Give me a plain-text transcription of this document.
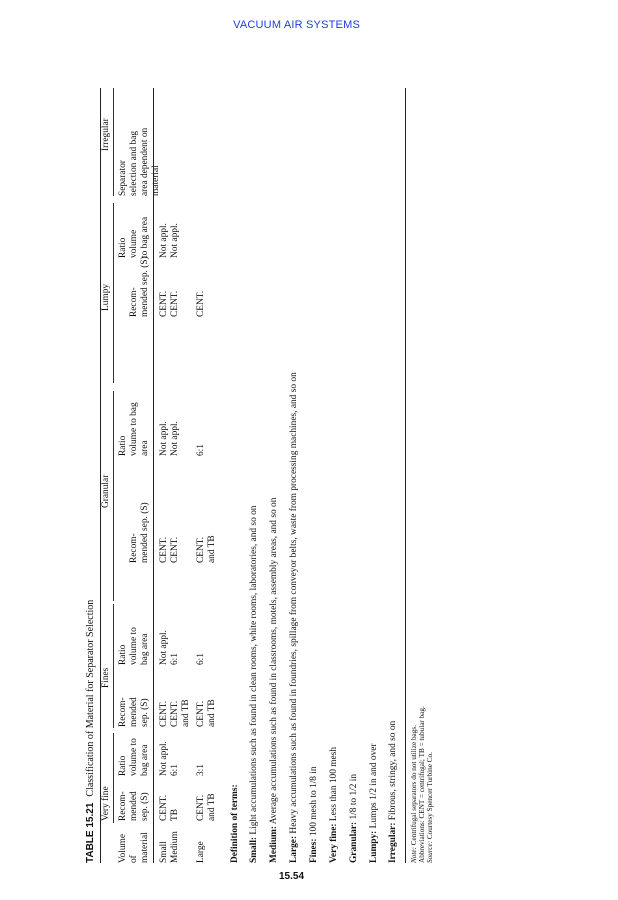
VACUUM AIR SYSTEMS
TABLE 15.21Classification of Material for Separator Selection
Very fine
Fines
Granular
Lumpy
Irregular
Volume of material
Recom- mended sep. (S)
Ratio volume to bag area
Recom- mended sep. (S)
Ratio volume to bag area
Recom- mended sep. (S)
Ratio volume to bag area
Recom- mended sep. (S)
Ratio volume to bag area
Separator selection and bag area dependent on material
Small
CENT.
Not appl.
CENT.
Not appl.
CENT.
Not appl.
CENT.
Not appl.
Medium
TB
6:1
CENT. and TB
6:1
CENT.
Not appl.
CENT.
Not appl.
Large
CENT. and TB
3:1
CENT. and TB
6:1
CENT. and TB
6:1
CENT.
Definition of terms: Small: Light accumulations such as found in clean rooms, white rooms, laboratories, and so on
Medium: Average accumulations such as found in classrooms, motels, assembly areas, and so on
Large: Heavy accumulations such as found in foundries, spillage from conveyor belts, waste from processing machines, and so on
Fines: 100 mesh to 1/8 in
Very fine: Less than 100 mesh
Granular: 1/8 to 1/2 in
Lumpy: Lumps 1/2 in and over
Irregular: Fibrous, stringy, and so on
Note: Centrifugal separators do not utilize bags. Abbreviations: CENT = centrifugal; TB = tubular bag. Source: Courtesy Spencer Turbine Co.
15.54
